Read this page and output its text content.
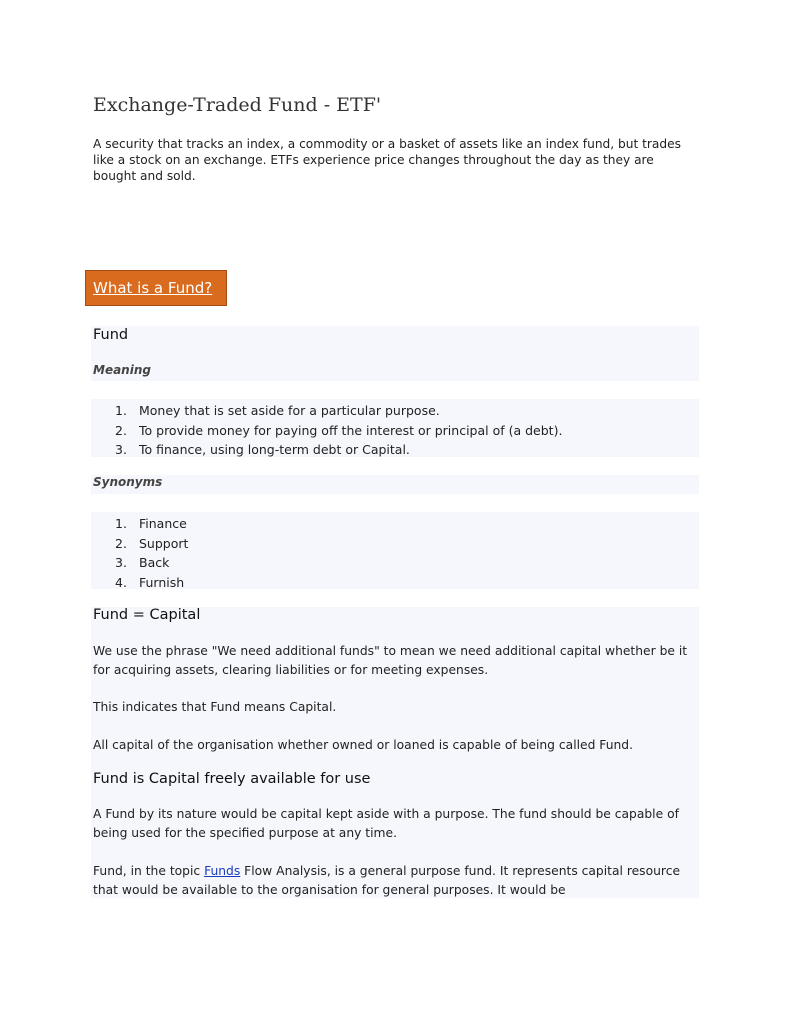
Exchange-Traded Fund - ETF'

A security that tracks an index, a commodity or a basket of assets like an index fund, but trades like a stock on an exchange. ETFs experience price changes throughout the day as they are bought and sold.

What is a Fund?
Fund
Meaning
1. Money that is set aside for a particular purpose.
2. To provide money for paying off the interest or principal of (a debt).
3. To finance, using long-term debt or Capital.
Synonyms
1. Finance
2. Support
3. Back
4. Furnish
Fund = Capital

We use the phrase "We need additional funds" to mean we need additional capital whether be it for acquiring assets, clearing liabilities or for meeting expenses.

This indicates that Fund means Capital.

All capital of the organisation whether owned or loaned is capable of being called Fund.

Fund is Capital freely available for use

A Fund by its nature would be capital kept aside with a purpose. The fund should be capable of being used for the specified purpose at any time.

Fund, in the topic Funds Flow Analysis, is a general purpose fund. It represents capital resource that would be available to the organisation for general purposes. It would be
